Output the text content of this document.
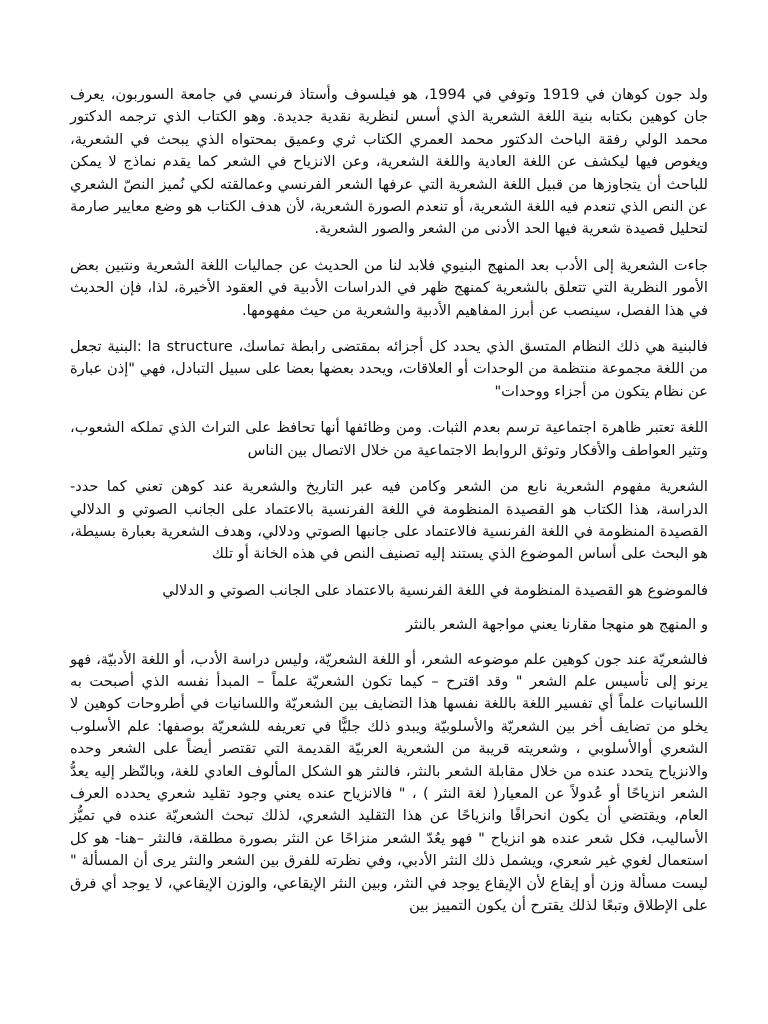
ولد جون كوهان في 1919 وتوفي في 1994، هو فيلسوف وأستاذ فرنسي في جامعة السوربون، يعرف جان كوهين بكتابه بنية اللغة الشعرية الذي أسس لنظرية نقدية جديدة. وهو الكتاب الذي ترجمه الدكتور محمد الولي رفقة الباحث الدكتور محمد العمري الكتاب ثري وعميق بمحتواه الذي يبحث في الشعرية، ويغوص فيها ليكشف عن اللغة العادية واللغة الشعرية، وعن الانزياح في الشعر كما يقدم نماذج لا يمكن للباحث أن يتجاوزها من قبيل اللغة الشعرية التي عرفها الشعر الفرنسي وعمالقته لكي نُميز النصّ الشعري عن النص الذي تنعدم فيه اللغة الشعرية، أو تنعدم الصورة الشعرية، لأن هدف الكتاب هو وضع معايير صارمة لتحليل قصيدة شعرية فيها الحد الأدنى من الشعر والصور الشعرية.

جاءت الشعرية إلى الأدب بعد المنهج البنيوي فلابد لنا من الحديث عن جماليات اللغة الشعرية ونتبين بعض الأمور النظرية التي تتعلق بالشعرية كمنهج ظهر في الدراسات الأدبية في العقود الأخيرة، لذا، فإن الحديث في هذا الفصل، سينصب عن أبرز المفاهيم الأدبية والشعرية من حيث مفهومها.

فالبنية هي ذلك النظام المتسق الذي يحدد كل أجزائه بمقتضى رابطة تماسك، la structure :البنية تجعل من اللغة مجموعة منتظمة من الوحدات أو العلاقات، ويحدد بعضها بعضا على سبيل التبادل، فهي "إذن عبارة عن نظام يتكون من أجزاء ووحدات"

اللغة تعتبر ظاهرة اجتماعية ترسم بعدم الثبات. ومن وظائفها أنها تحافظ على التراث الذي تملكه الشعوب، وتثير العواطف والأفكار وتوثق الروابط الاجتماعية من خلال الاتصال بين الناس

الشعرية مفهوم الشعرية نابع من الشعر وكامن فيه عبر التاريخ والشعرية عند كوهن تعني كما حدد- الدراسة، هذا الكتاب هو القصيدة المنظومة في اللغة الفرنسية بالاعتماد على الجانب الصوتي و الدلالي القصيدة المنظومة في اللغة الفرنسية فالاعتماد على جانبها الصوتي ودلالي، وهدف الشعرية بعبارة بسيطة، هو البحث على أساس الموضوع الذي يستند إليه تصنيف النص في هذه الخانة أو تلك

فالموضوع هو القصيدة المنظومة في اللغة الفرنسية بالاعتماد على الجانب الصوتي و الدلالي

و المنهج هو منهجا مقارنا يعني مواجهة الشعر بالنثر

فالشعريّة عند جون كوهين علم موضوعه الشعر، أو اللغة الشعريّة، وليس دراسة الأدب، أو اللغة الأدبيّة، فهو يرنو إلى تأسيس علم الشعر " وقد اقترح – كيما تكون الشعريّة علماً – المبدأ نفسه الذي أصبحت به اللسانيات علماً أي تفسير اللغة باللغة نفسها هذا التضايف بين الشعريّة واللسانيات في أطروحات كوهين لا يخلو من تضايف أخر بين الشعريّة والأسلوبيّة ويبدو ذلك جليًّا في تعريفه للشعريّة بوصفها: علم الأسلوب الشعري أوالأسلوبي ، وشعريته قريبة من الشعرية العربيّة القديمة التي تقتصر أيضاً على الشعر وحده والانزياح يتحدد عنده من خلال مقابلة الشعر بالنثر، فالنثر هو الشكل المألوف العادي للغة، وبالنّظر إليه يعدُّ الشعر انزياحًا أو عُدولاً عن المعيار( لغة النثر ) ، " فالانزياح عنده يعني وجود تقليد شعري يحدده العرف العام، ويقتضي أن يكون انحرافًا وانزياحًا عن هذا التقليد الشعري، لذلك تبحث الشعريّة عنده في تميُّز الأساليب، فكل شعر عنده هو انزياح " فهو يعُدّ الشعر منزاحًا عن النثر بصورة مطلقة، فالنثر –هنا- هو كل استعمال لغوي غير شعري، ويشمل ذلك النثر الأدبي، وفي نظرته للفرق بين الشعر والنثر يرى أن المسألة " ليست مسألة وزن أو إيقاع لأن الإيقاع يوجد في النثر، وبين النثر الإيقاعي، والوزن الإيقاعي، لا يوجد أي فرق على الإطلاق وتبعًا لذلك يقترح أن يكون التمييز بين
